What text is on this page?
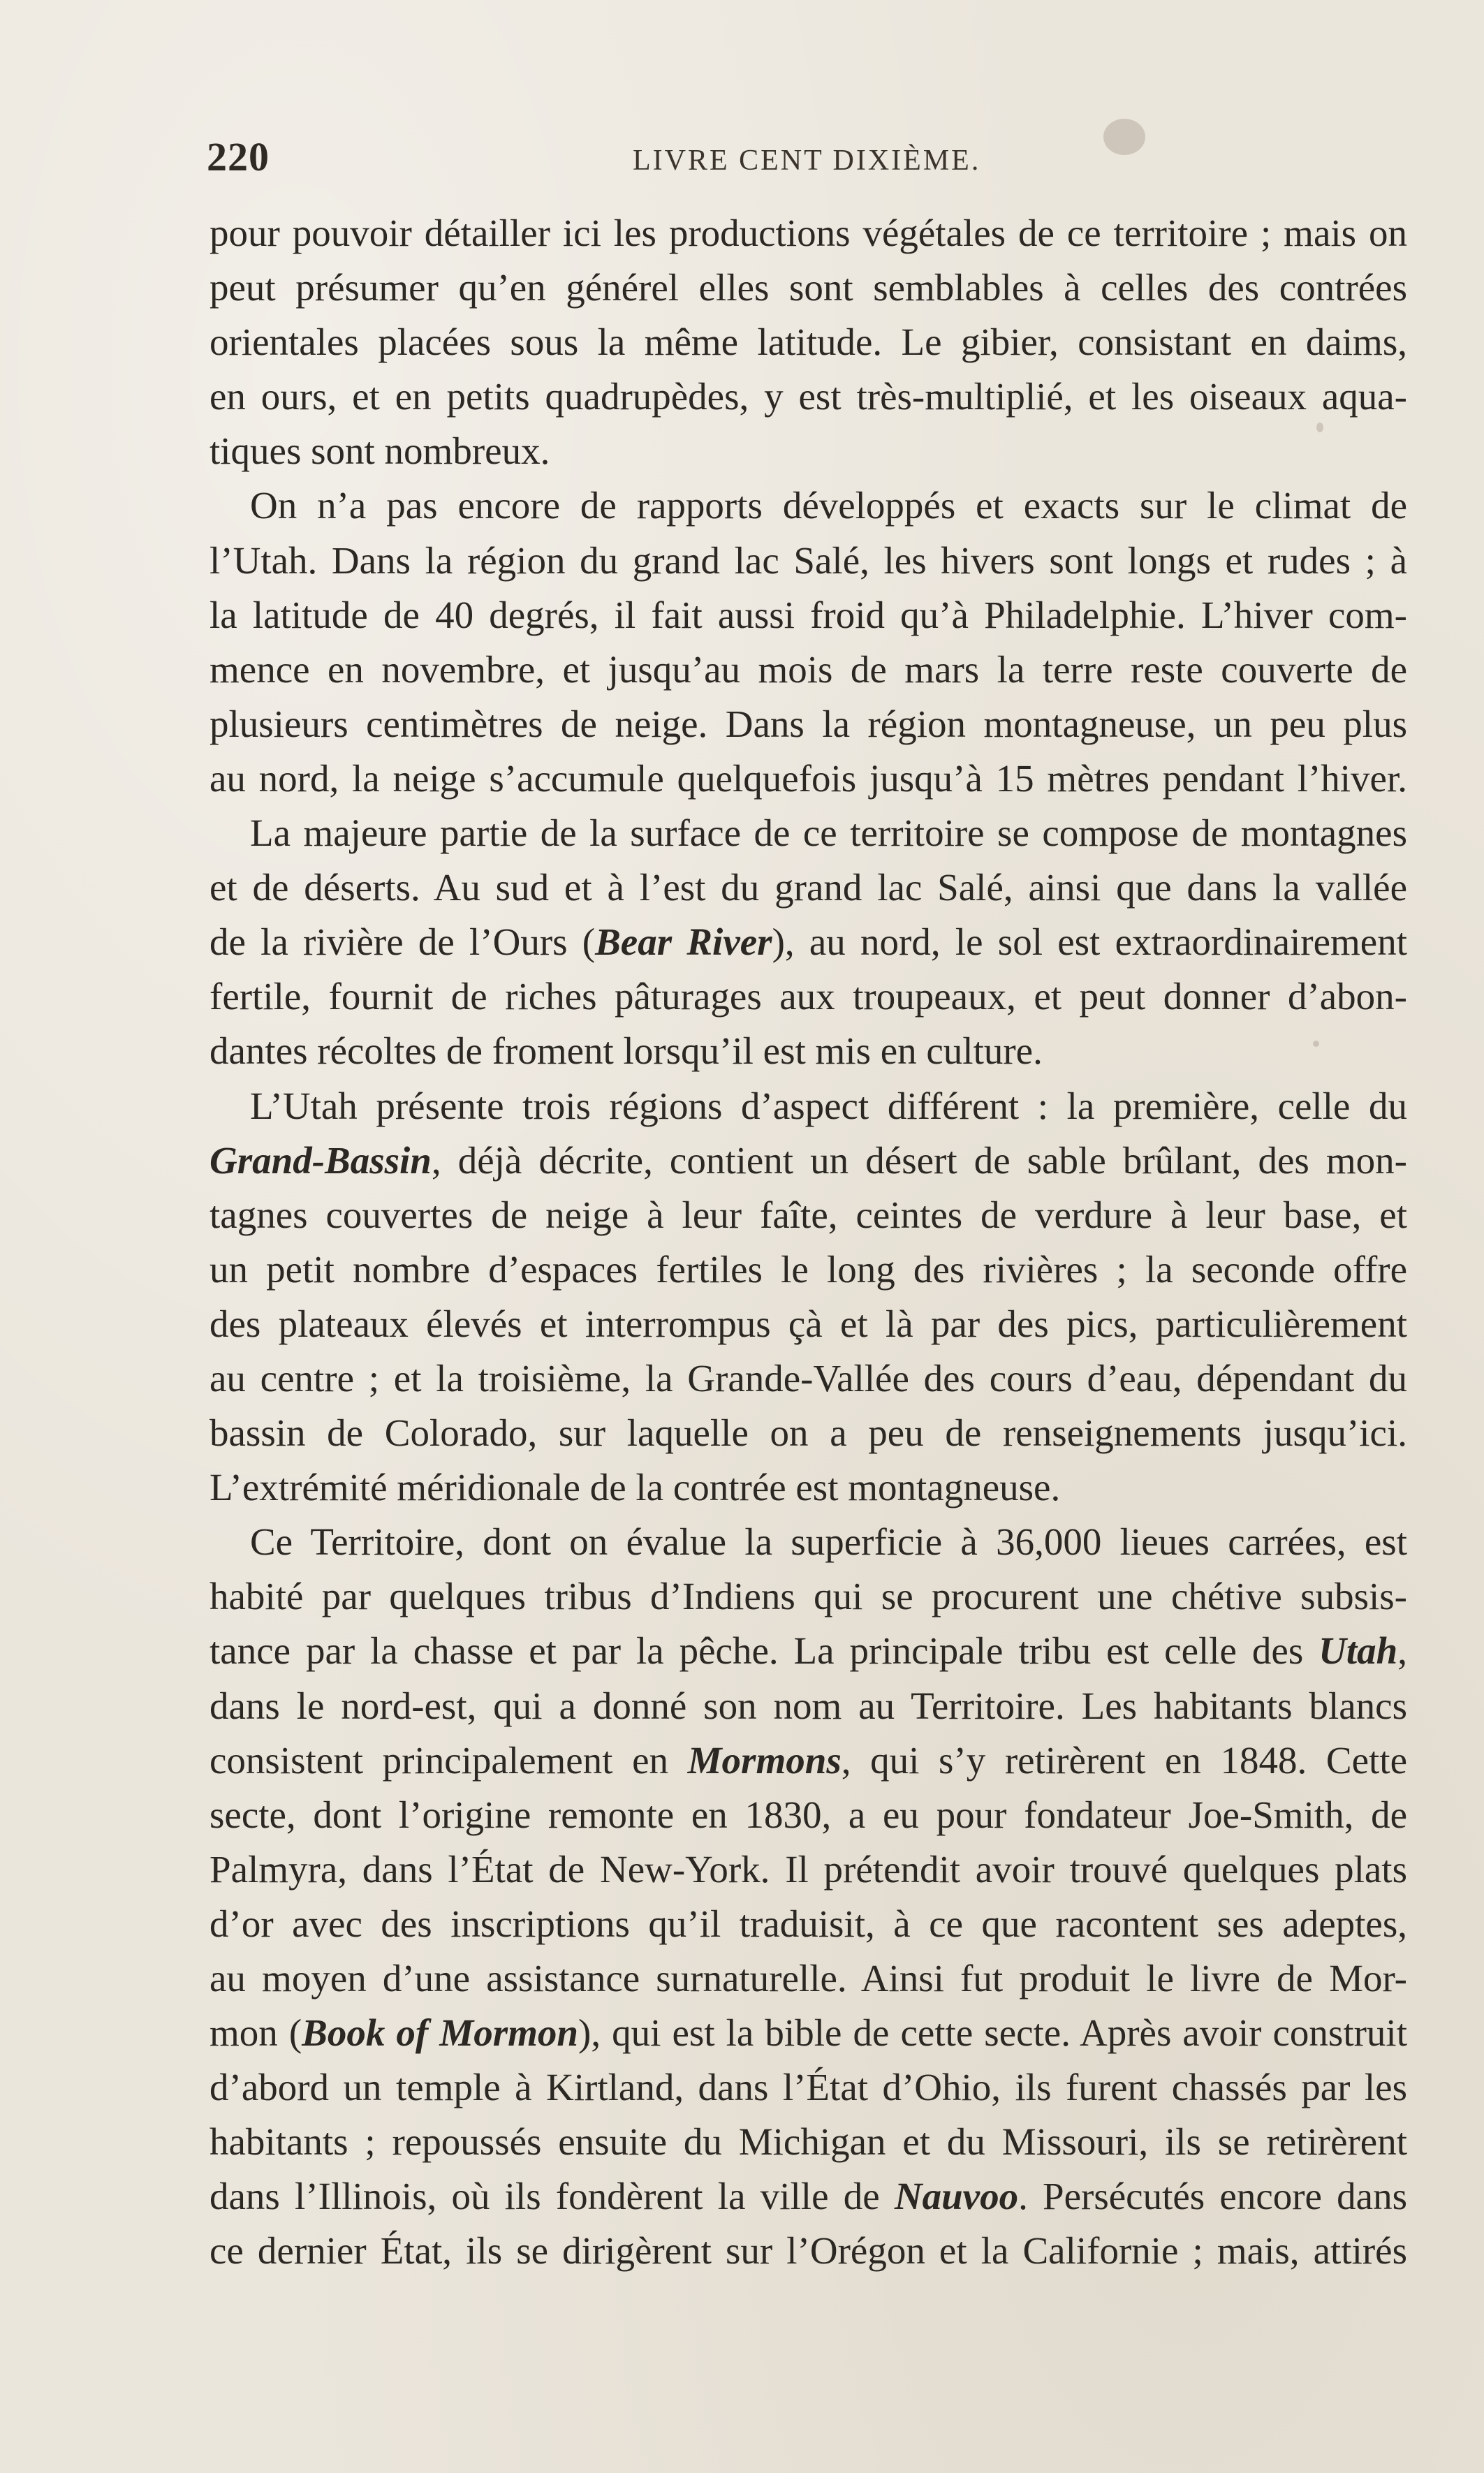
220	LIVRE CENT DIXIÈME.
pour pouvoir détailler ici les productions végétales de ce territoire ; mais on
peut présumer qu’en générel elles sont semblables à celles des contrées
orientales placées sous la même latitude. Le gibier, consistant en daims,
en ours, et en petits quadrupèdes, y est très-multiplié, et les oiseaux aqua-
tiques sont nombreux.
On n’a pas encore de rapports développés et exacts sur le climat de
l’Utah. Dans la région du grand lac Salé, les hivers sont longs et rudes ; à
la latitude de 40 degrés, il fait aussi froid qu’à Philadelphie. L’hiver com-
mence en novembre, et jusqu’au mois de mars la terre reste couverte de
plusieurs centimètres de neige. Dans la région montagneuse, un peu plus
au nord, la neige s’accumule quelquefois jusqu’à 15 mètres pendant l’hiver.
La majeure partie de la surface de ce territoire se compose de montagnes
et de déserts. Au sud et à l’est du grand lac Salé, ainsi que dans la vallée
de la rivière de l’Ours (Bear River), au nord, le sol est extraordinairement
fertile, fournit de riches pâturages aux troupeaux, et peut donner d’abon-
dantes récoltes de froment lorsqu’il est mis en culture.
L’Utah présente trois régions d’aspect différent : la première, celle du
Grand-Bassin, déjà décrite, contient un désert de sable brûlant, des mon-
tagnes couvertes de neige à leur faîte, ceintes de verdure à leur base, et
un petit nombre d’espaces fertiles le long des rivières ; la seconde offre
des plateaux élevés et interrompus çà et là par des pics, particulièrement
au centre ; et la troisième, la Grande-Vallée des cours d’eau, dépendant du
bassin de Colorado, sur laquelle on a peu de renseignements jusqu’ici.
L’extrémité méridionale de la contrée est montagneuse.
Ce Territoire, dont on évalue la superficie à 36,000 lieues carrées, est
habité par quelques tribus d’Indiens qui se procurent une chétive subsis-
tance par la chasse et par la pêche. La principale tribu est celle des Utah,
dans le nord-est, qui a donné son nom au Territoire. Les habitants blancs
consistent principalement en Mormons, qui s’y retirèrent en 1848. Cette
secte, dont l’origine remonte en 1830, a eu pour fondateur Joe-Smith, de
Palmyra, dans l’État de New-York. Il prétendit avoir trouvé quelques plats
d’or avec des inscriptions qu’il traduisit, à ce que racontent ses adeptes,
au moyen d’une assistance surnaturelle. Ainsi fut produit le livre de Mor-
mon (Book of Mormon), qui est la bible de cette secte. Après avoir construit
d’abord un temple à Kirtland, dans l’État d’Ohio, ils furent chassés par les
habitants ; repoussés ensuite du Michigan et du Missouri, ils se retirèrent
dans l’Illinois, où ils fondèrent la ville de Nauvoo. Persécutés encore dans
ce dernier État, ils se dirigèrent sur l’Orégon et la Californie ; mais, attirés
